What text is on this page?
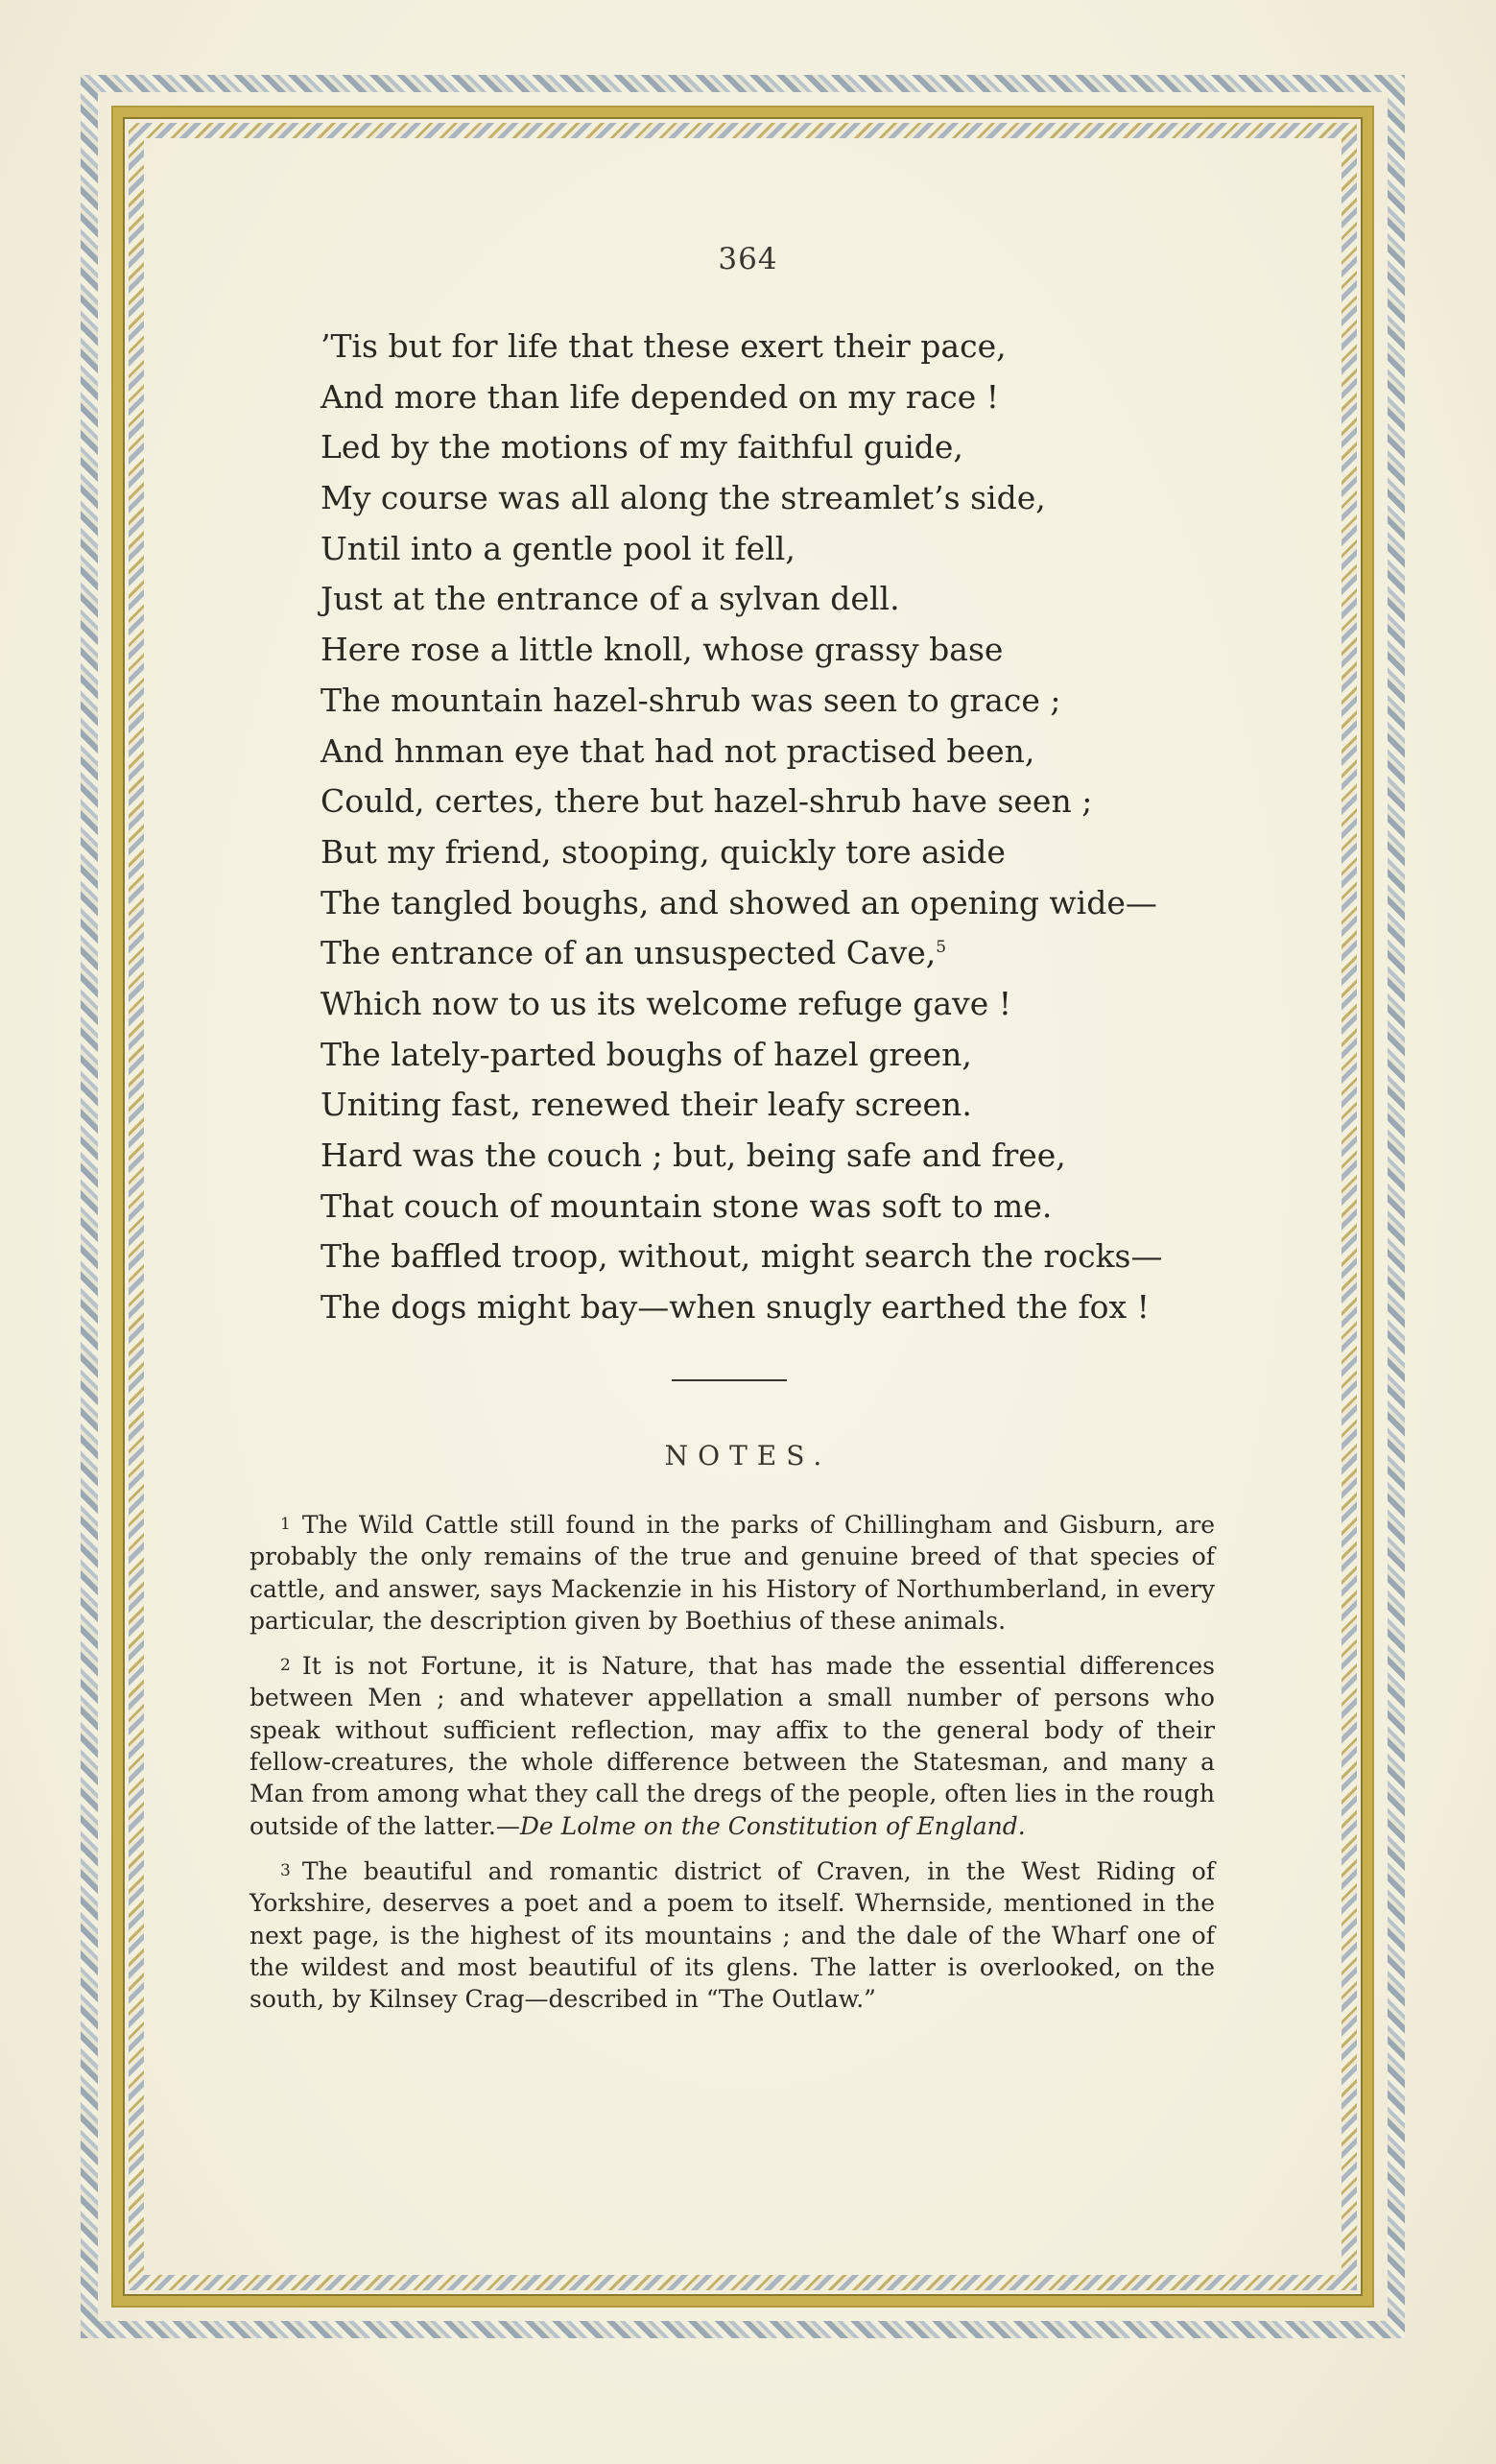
364
’Tis but for life that these exert their pace,
And more than life depended on my race !
Led by the motions of my faithful guide,
My course was all along the streamlet’s side,
Until into a gentle pool it fell,
Just at the entrance of a sylvan dell.
Here rose a little knoll, whose grassy base
The mountain hazel-shrub was seen to grace ;
And hnman eye that had not practised been,
Could, certes, there but hazel-shrub have seen ;
But my friend, stooping, quickly tore aside
The tangled boughs, and showed an opening wide—
The entrance of an unsuspected Cave,$^5$
Which now to us its welcome refuge gave !
The lately-parted boughs of hazel green,
Uniting fast, renewed their leafy screen.
Hard was the couch ; but, being safe and free,
That couch of mountain stone was soft to me.
The baffled troop, without, might search the rocks—
The dogs might bay—when snugly earthed the fox !
NOTES.

1 The Wild Cattle still found in the parks of Chillingham and Gisburn, are probably the only remains of the true and genuine breed of that species of cattle, and answer, says Mackenzie in his History of Northumberland, in every particular, the description given by Boethius of these animals.

2 It is not Fortune, it is Nature, that has made the essential differences between Men ; and whatever appellation a small number of persons who speak without sufficient reflection, may affix to the general body of their fellow-creatures, the whole difference between the Statesman, and many a Man from among what they call the dregs of the people, often lies in the rough outside of the latter.—De Lolme on the Constitution of England.

3 The beautiful and romantic district of Craven, in the West Riding of Yorkshire, deserves a poet and a poem to itself. Whernside, mentioned in the next page, is the highest of its mountains ; and the dale of the Wharf one of the wildest and most beautiful of its glens. The latter is overlooked, on the south, by Kilnsey Crag—described in “The Outlaw.”
